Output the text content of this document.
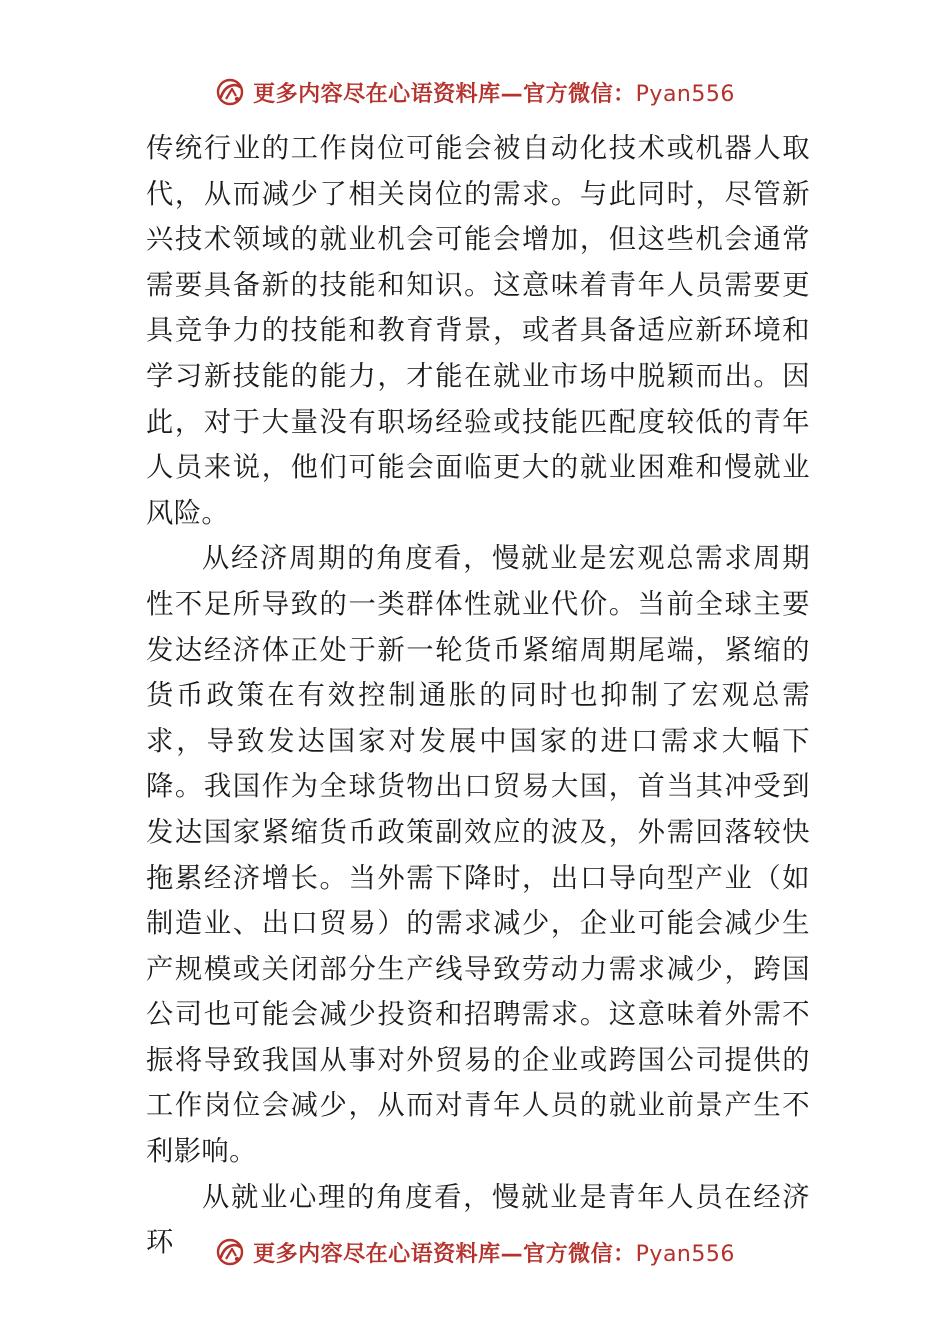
更多内容尽在心语资料库—官方微信：Pyan556

传统行业的工作岗位可能会被自动化技术或机器人取代，从而减少了相关岗位的需求。与此同时，尽管新兴技术领域的就业机会可能会增加，但这些机会通常需要具备新的技能和知识。这意味着青年人员需要更具竞争力的技能和教育背景，或者具备适应新环境和学习新技能的能力，才能在就业市场中脱颖而出。因此，对于大量没有职场经验或技能匹配度较低的青年人员来说，他们可能会面临更大的就业困难和慢就业风险。

从经济周期的角度看，慢就业是宏观总需求周期性不足所导致的一类群体性就业代价。当前全球主要发达经济体正处于新一轮货币紧缩周期尾端，紧缩的货币政策在有效控制通胀的同时也抑制了宏观总需求，导致发达国家对发展中国家的进口需求大幅下降。我国作为全球货物出口贸易大国，首当其冲受到发达国家紧缩货币政策副效应的波及，外需回落较快拖累经济增长。当外需下降时，出口导向型产业（如制造业、出口贸易）的需求减少，企业可能会减少生产规模或关闭部分生产线导致劳动力需求减少，跨国公司也可能会减少投资和招聘需求。这意味着外需不振将导致我国从事对外贸易的企业或跨国公司提供的工作岗位会减少，从而对青年人员的就业前景产生不利影响。

从就业心理的角度看，慢就业是青年人员在经济环	更多内容尽在心语资料库—官方微信：Pyan556
